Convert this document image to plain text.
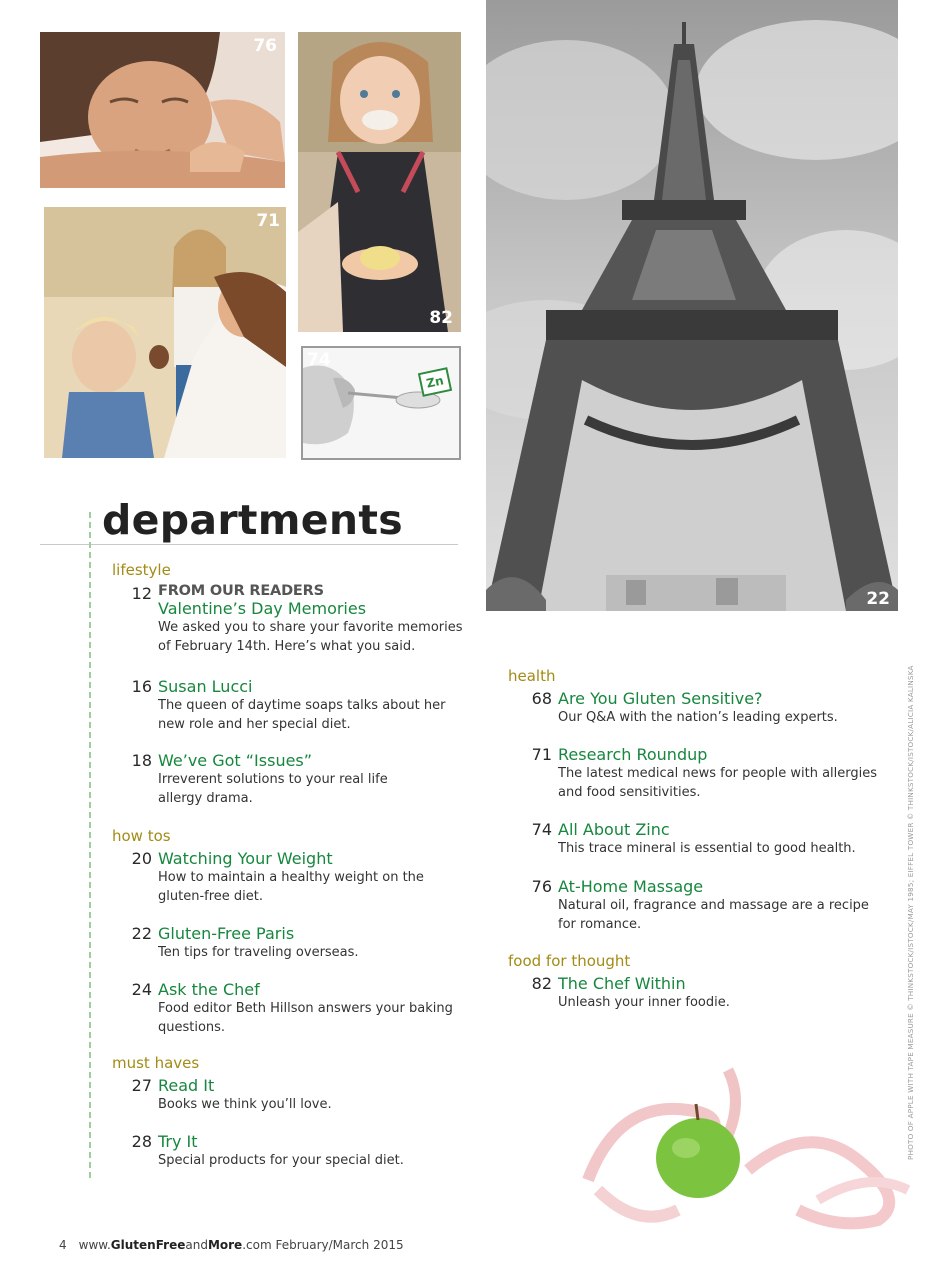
76
71
82
Zn
74
22
departments
lifestyle
12 FROM OUR READERS
Valentine’s Day Memories
We asked you to share your favorite memories
of February 14th. Here’s what you said.
16 Susan Lucci
The queen of daytime soaps talks about her
new role and her special diet.
18 We’ve Got “Issues”
Irreverent solutions to your real life
allergy drama.
how tos
20 Watching Your Weight
How to maintain a healthy weight on the
gluten-free diet.
22 Gluten-Free Paris
Ten tips for traveling overseas.
24 Ask the Chef
Food editor Beth Hillson answers your baking
questions.
must haves
27 Read It
Books we think you’ll love.
28 Try It
Special products for your special diet.
health
68 Are You Gluten Sensitive?
Our Q&A with the nation’s leading experts.
71 Research Roundup
The latest medical news for people with allergies
and food sensitivities.
74 All About Zinc
This trace mineral is essential to good health.
76 At-Home Massage
Natural oil, fragrance and massage are a recipe
for romance.
food for thought
82 The Chef Within
Unleash your inner foodie.	PHOTO OF APPLE WITH TAPE MEASURE © THINKSTOCK/ISTOCK/MAY 1985; EIFFEL TOWER © THINKSTOCK/ISTOCK/ALICIA KALINSKA
4 www.GlutenFreeandMore.com February/March 2015
